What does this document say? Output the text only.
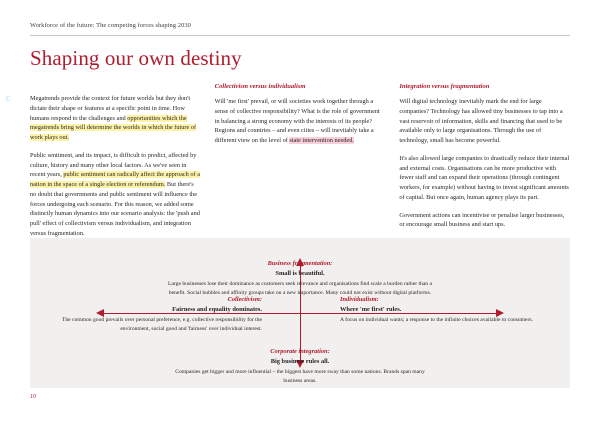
Workforce of the future: The competing forces shaping 2030
Shaping our own destiny

Megatrends provide the context for future worlds but they don't dictate their shape or features at a specific point in time. How humans respond to the challenges and opportunities which the megatrends bring will determine the worlds in which the future of work plays out.

Public sentiment, and its impact, is difficult to predict, affected by culture, history and many other local factors. As we've seen in recent years, public sentiment can radically affect the approach of a nation in the space of a single election or referendum. But there's no doubt that governments and public sentiment will influence the forces undergoing each scenario. For this reason, we added some distinctly human dynamics into our scenario analysis: the 'push and pull' effect of collectivism versus individualism, and integration versus fragmentation.

Collectivism versus individualism

Will 'me first' prevail, or will societies work together through a sense of collective responsibility? What is the role of government in balancing a strong economy with the interests of its people? Regions and countries – and even cities – will inevitably take a different view on the level of state intervention needed.

Integration versus fragmentation

Will digital technology inevitably mark the end for large companies? Technology has allowed tiny businesses to tap into a vast reservoir of information, skills and financing that used to be available only to large organisations. Through the use of technology, small has become powerful.

It's also allowed large companies to drastically reduce their internal and external costs. Organisations can be more productive with fewer staff and can expand their operations (through contingent workers, for example) without having to invest significant amounts of capital. But once again, human agency plays its part.

Government actions can incentivise or penalise larger businesses, or encourage small business and start ups.

C
Business fragmentation:
Small is beautiful.
Large businesses lose their dominance as customers seek relevance and organisations find scale a burden rather than a benefit. Social bubbles and affinity groups take on a new importance. Many could not exist without digital platforms.
Corporate integration:
Big business rules all.
Companies get bigger and more influential – the biggest have more sway than some nations. Brands span many business areas.
Collectivism:
Fairness and equality dominates.
The common good prevails over personal preference, e.g. collective responsibility for the environment, social good and 'fairness' over individual interest.
Individualism:
Where 'me first' rules.
A focus on individual wants; a response to the infinite choices available to consumers.
10
